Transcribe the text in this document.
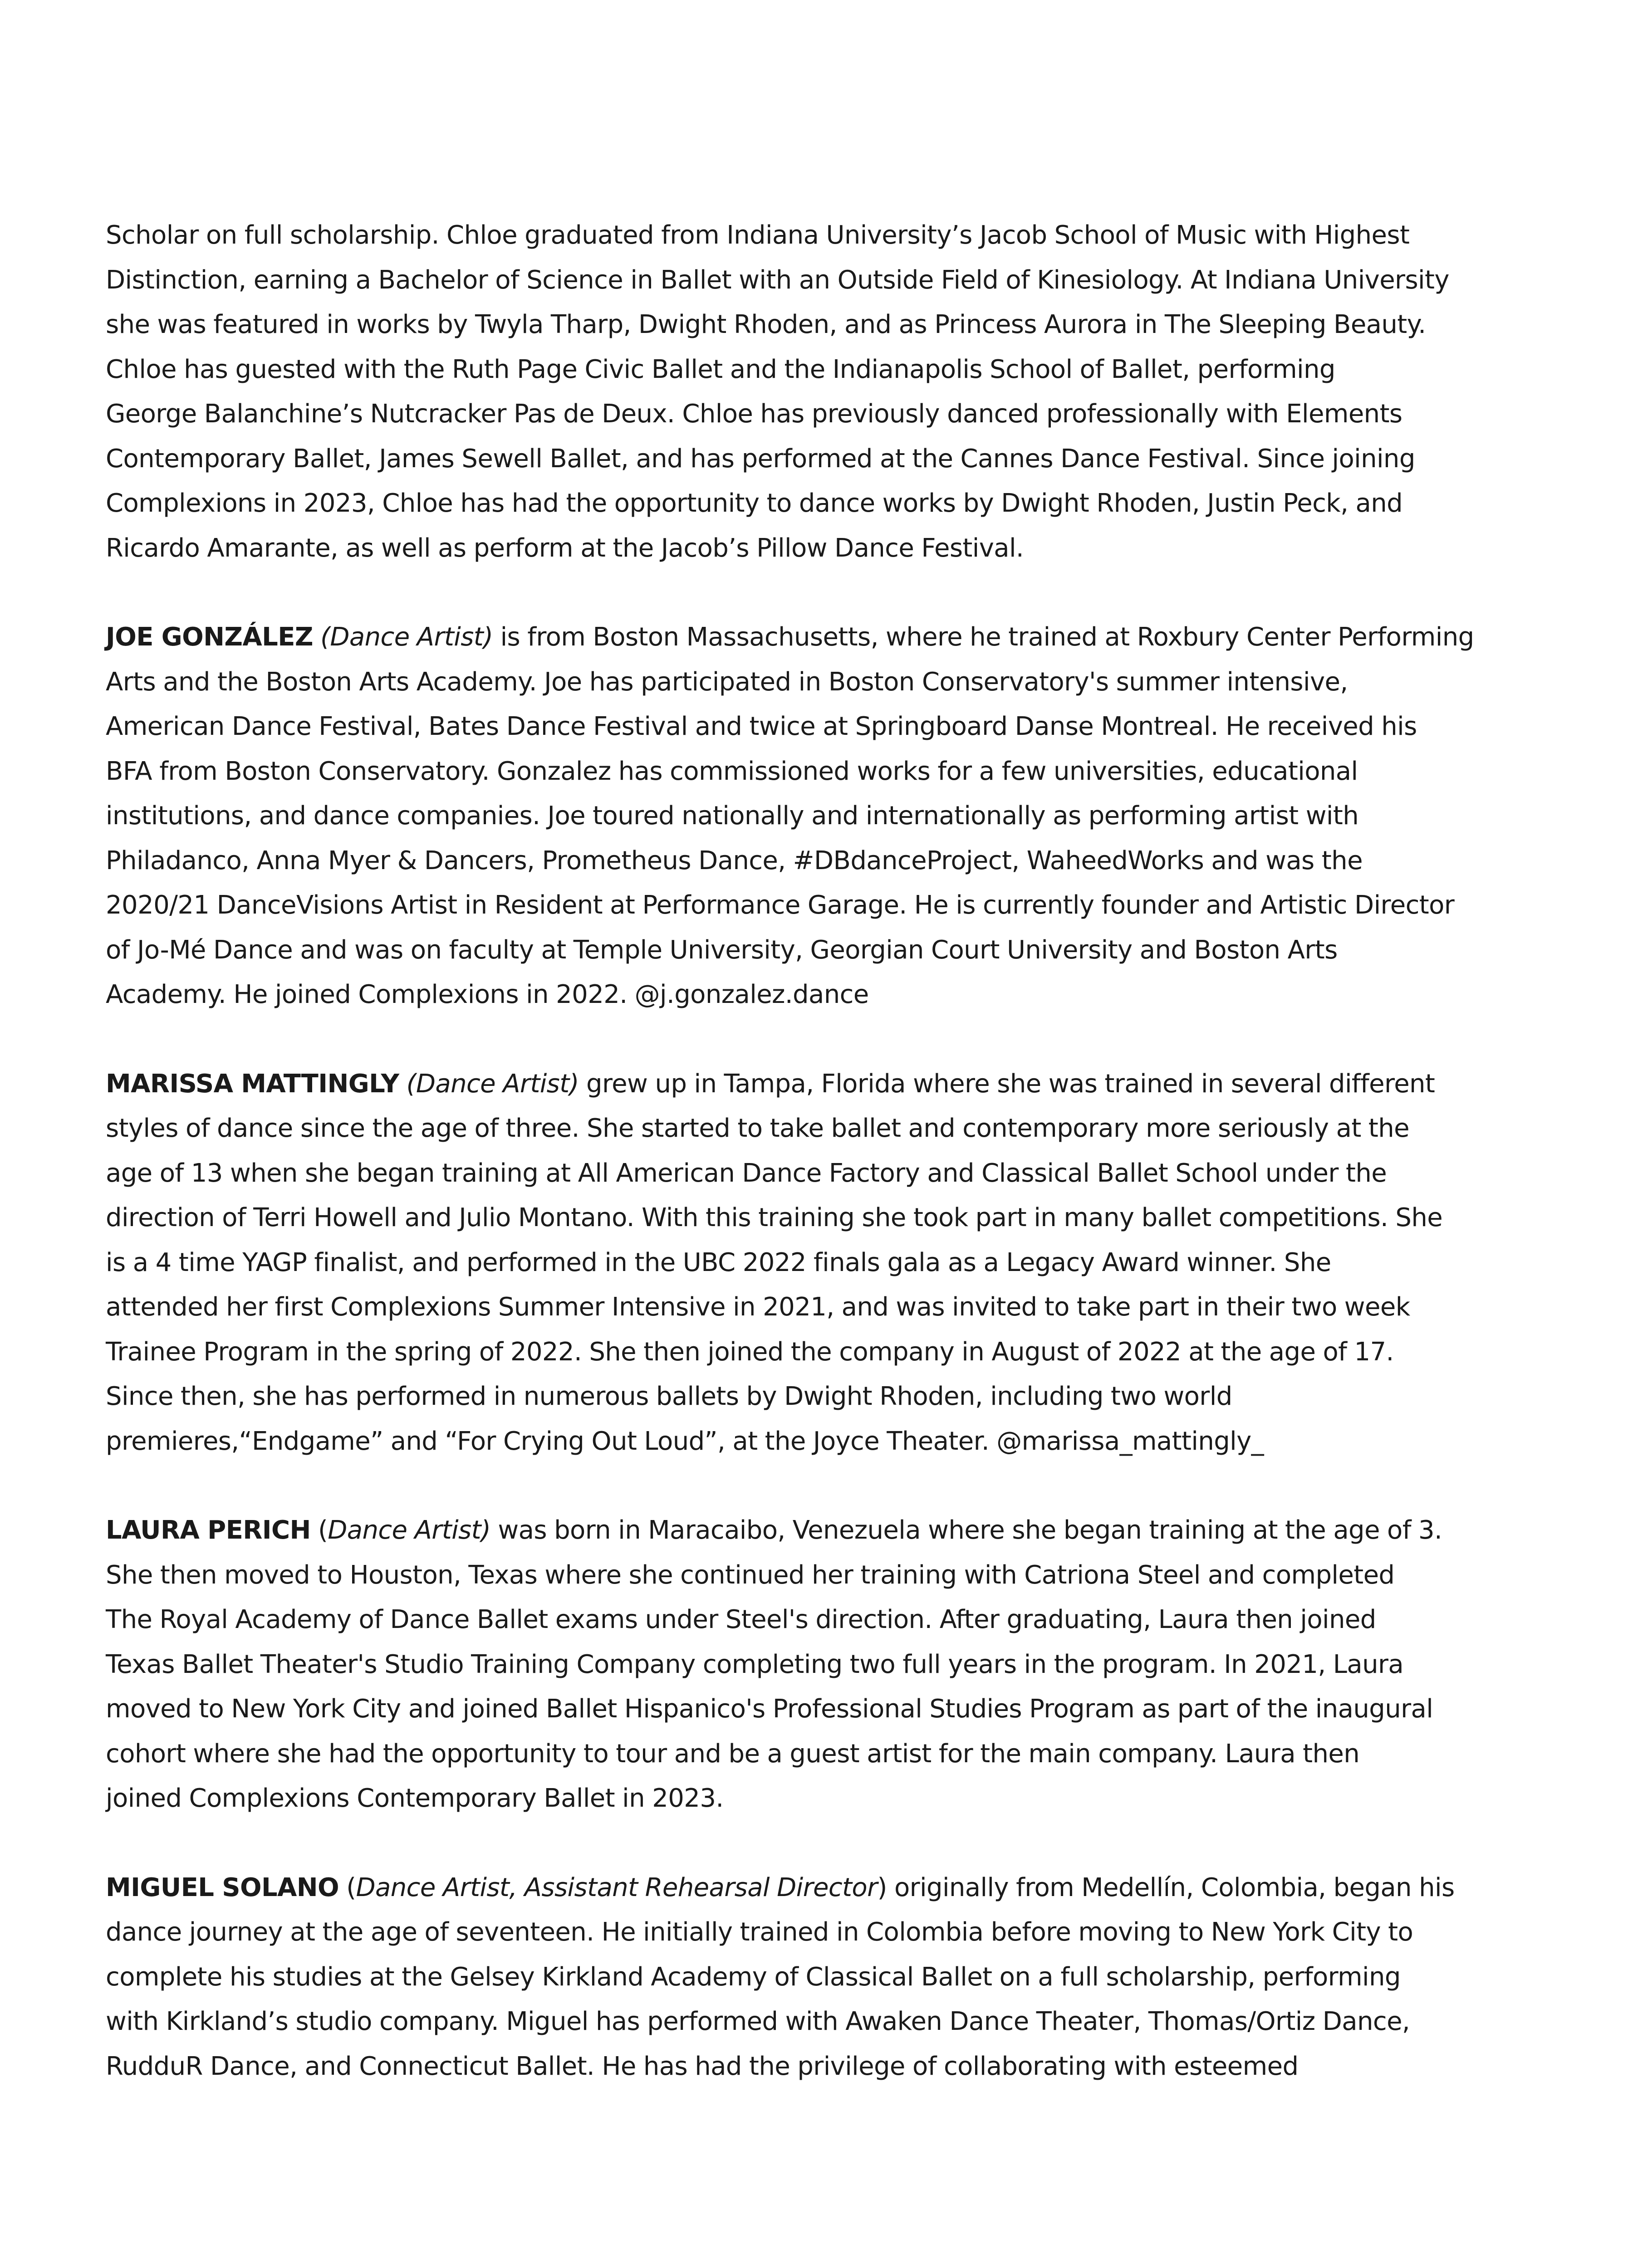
Scholar on full scholarship. Chloe graduated from Indiana University’s Jacob School of Music with Highest
Distinction, earning a Bachelor of Science in Ballet with an Outside Field of Kinesiology. At Indiana University
she was featured in works by Twyla Tharp, Dwight Rhoden, and as Princess Aurora in The Sleeping Beauty.
Chloe has guested with the Ruth Page Civic Ballet and the Indianapolis School of Ballet, performing
George Balanchine’s Nutcracker Pas de Deux. Chloe has previously danced professionally with Elements
Contemporary Ballet, James Sewell Ballet, and has performed at the Cannes Dance Festival. Since joining
Complexions in 2023, Chloe has had the opportunity to dance works by Dwight Rhoden, Justin Peck, and
Ricardo Amarante, as well as perform at the Jacob’s Pillow Dance Festival.
JOE GONZÁLEZ (Dance Artist) is from Boston Massachusetts, where he trained at Roxbury Center Performing
Arts and the Boston Arts Academy. Joe has participated in Boston Conservatory's summer intensive,
American Dance Festival, Bates Dance Festival and twice at Springboard Danse Montreal. He received his
BFA from Boston Conservatory. Gonzalez has commissioned works for a few universities, educational
institutions, and dance companies. Joe toured nationally and internationally as performing artist with
Philadanco, Anna Myer & Dancers, Prometheus Dance, #DBdanceProject, WaheedWorks and was the
2020/21 DanceVisions Artist in Resident at Performance Garage. He is currently founder and Artistic Director
of Jo-Mé Dance and was on faculty at Temple University, Georgian Court University and Boston Arts
Academy. He joined Complexions in 2022. @j.gonzalez.dance
MARISSA MATTINGLY (Dance Artist) grew up in Tampa, Florida where she was trained in several different
styles of dance since the age of three. She started to take ballet and contemporary more seriously at the
age of 13 when she began training at All American Dance Factory and Classical Ballet School under the
direction of Terri Howell and Julio Montano. With this training she took part in many ballet competitions. She
is a 4 time YAGP finalist, and performed in the UBC 2022 finals gala as a Legacy Award winner. She
attended her first Complexions Summer Intensive in 2021, and was invited to take part in their two week
Trainee Program in the spring of 2022. She then joined the company in August of 2022 at the age of 17.
Since then, she has performed in numerous ballets by Dwight Rhoden, including two world
premieres,“Endgame” and “For Crying Out Loud”, at the Joyce Theater. @marissa_mattingly_
LAURA PERICH (Dance Artist) was born in Maracaibo, Venezuela where she began training at the age of 3.
She then moved to Houston, Texas where she continued her training with Catriona Steel and completed
The Royal Academy of Dance Ballet exams under Steel's direction. After graduating, Laura then joined
Texas Ballet Theater's Studio Training Company completing two full years in the program. In 2021, Laura
moved to New York City and joined Ballet Hispanico's Professional Studies Program as part of the inaugural
cohort where she had the opportunity to tour and be a guest artist for the main company. Laura then
joined Complexions Contemporary Ballet in 2023.
MIGUEL SOLANO (Dance Artist, Assistant Rehearsal Director) originally from Medellín, Colombia, began his
dance journey at the age of seventeen. He initially trained in Colombia before moving to New York City to
complete his studies at the Gelsey Kirkland Academy of Classical Ballet on a full scholarship, performing
with Kirkland’s studio company. Miguel has performed with Awaken Dance Theater, Thomas/Ortiz Dance,
RudduR Dance, and Connecticut Ballet. He has had the privilege of collaborating with esteemed
